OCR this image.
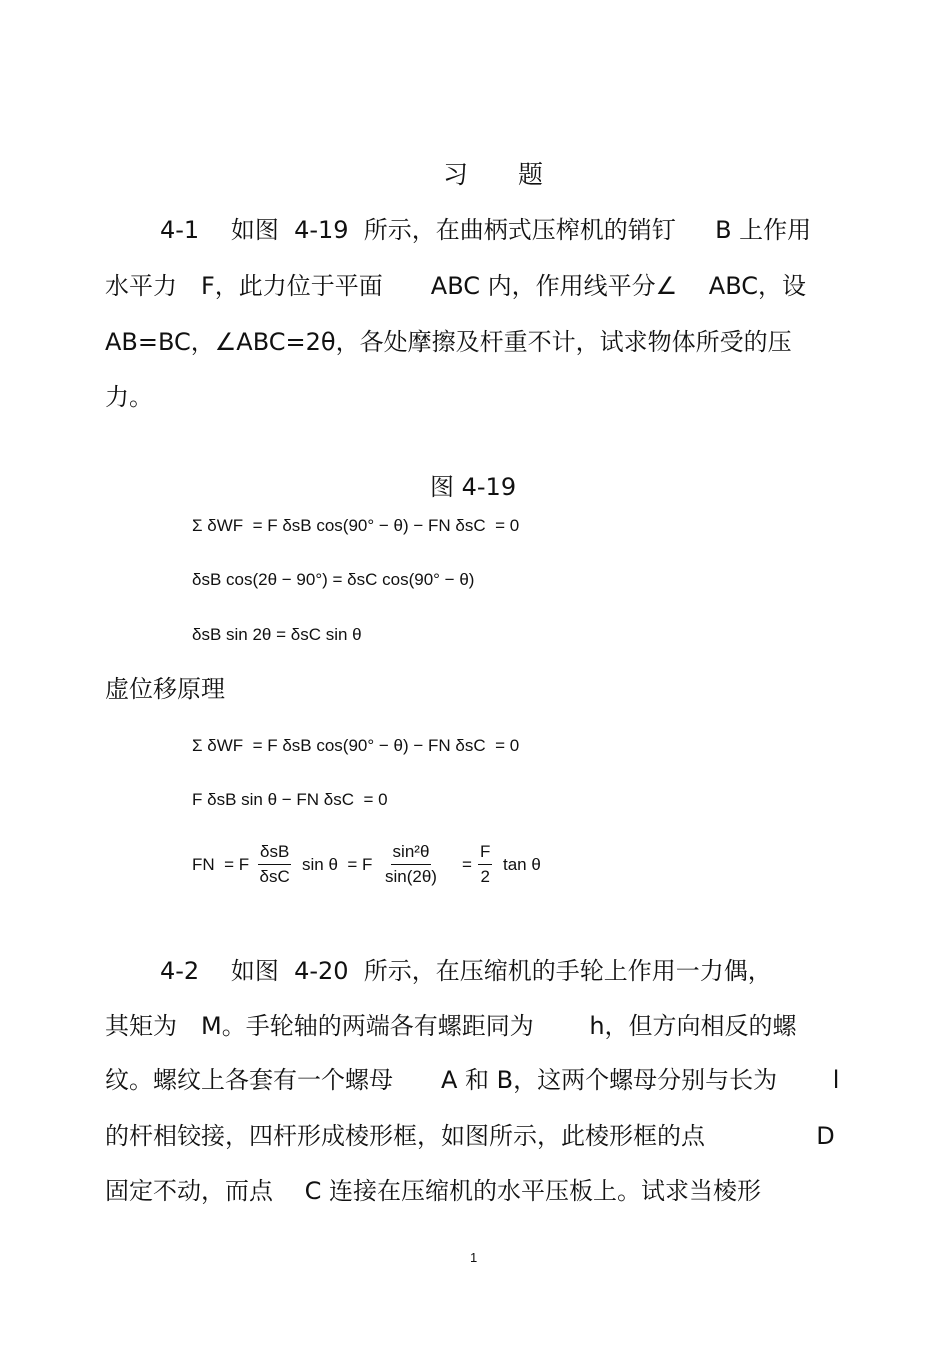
习　　题
4-1　 如图  4-19  所示，在曲柄式压榨机的销钉　  B 上作用
水平力　F，此力位于平面　　ABC 内，作用线平分∠　 ABC，设
AB=BC，∠ABC=2θ，各处摩擦及杆重不计，试求物体所受的压
力。
图 4-19
Σ δWF  = F δsB cos(90° − θ) − FN δsC  = 0
δsB cos(2θ − 90°) = δsC cos(90° − θ)
δsB sin 2θ = δsC sin θ
虚位移原理
Σ δWF  = F δsB cos(90° − θ) − FN δsC  = 0
F δsB sin θ − FN δsC  = 0
FN  = F
δsB
δsC
sin θ  = F $\frac{\text{sin²θ}}{\sin(2\theta)} = \frac{F}{2}$ tan θ
4-2　 如图  4-20  所示，在压缩机的手轮上作用一力偶，
其矩为　M。手轮轴的两端各有螺距同为　　 h，但方向相反的螺
纹。螺纹上各套有一个螺母　　A 和 B，这两个螺母分别与长为　　 l
的杆相铰接，四杆形成棱形框，如图所示，此棱形框的点　　　　  D
固定不动，而点　 C 连接在压缩机的水平压板上。试求当棱形
1
